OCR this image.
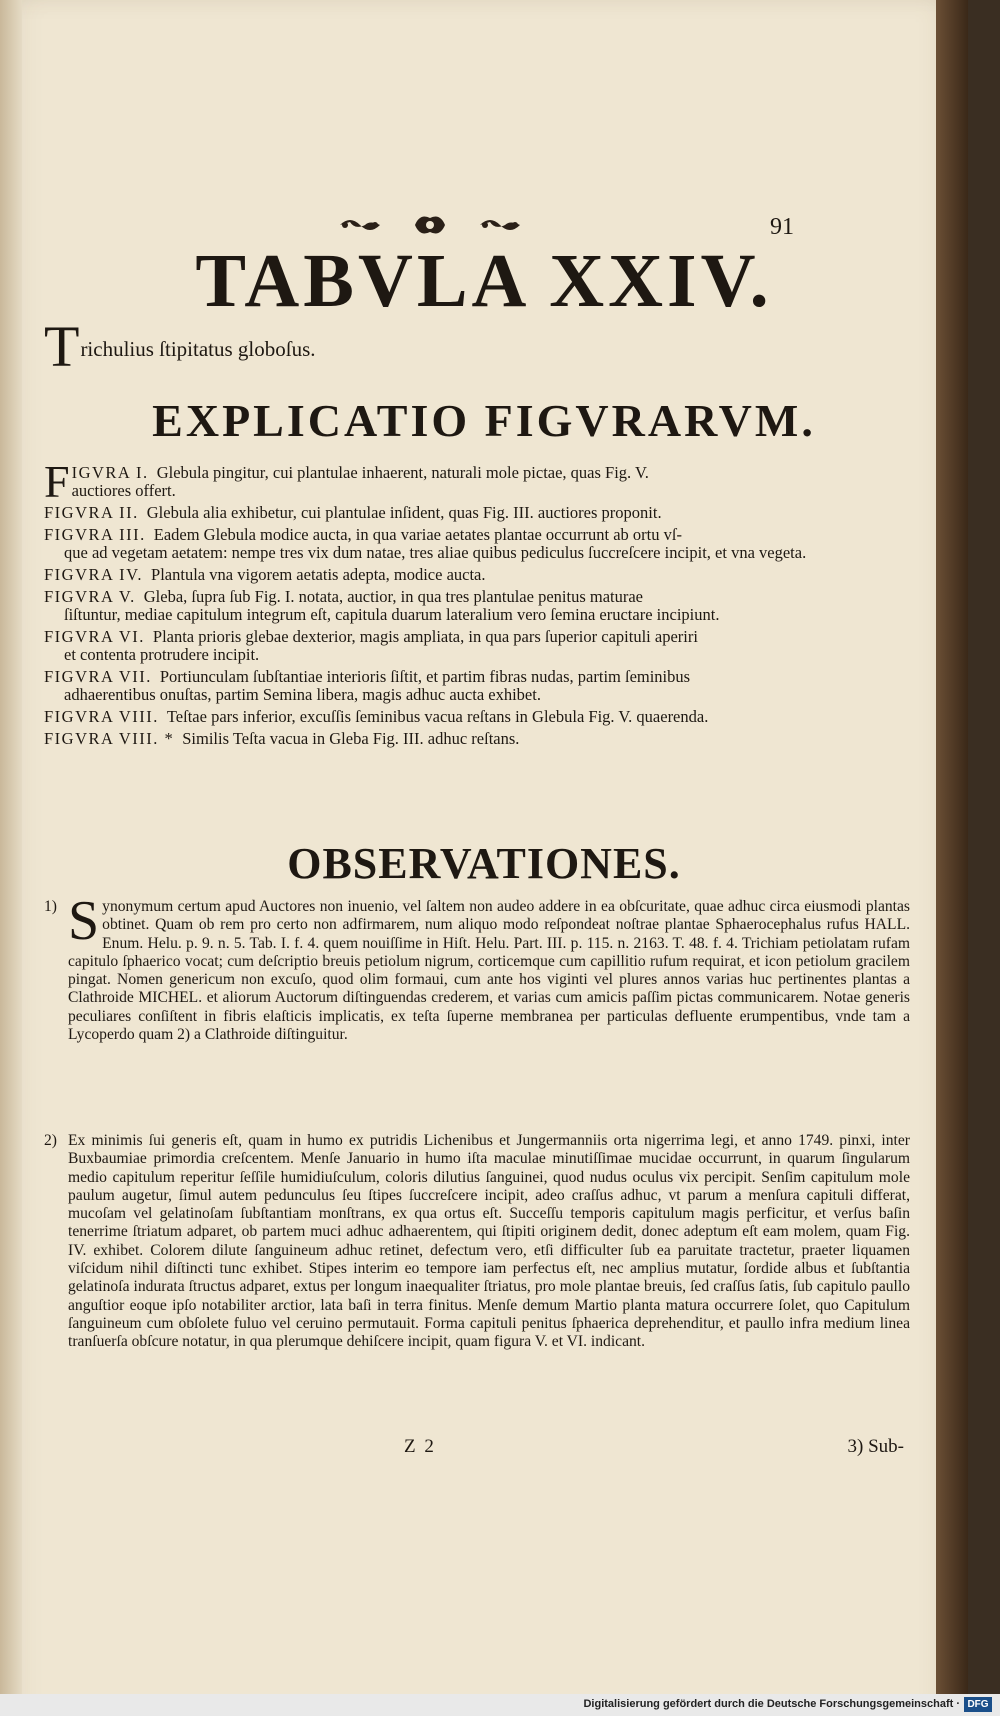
91
TABVLA XXIV.
Trichulius ſtipitatus globoſus.
EXPLICATIO FIGVRARVM.
F IGVRA I. Glebula pingitur, cui plantulae inhaerent, naturali mole pictae, quas Fig. V.
auctiores offert.
FIGVRA II. Glebula alia exhibetur, cui plantulae inſident, quas Fig. III. auctiores proponit.
FIGVRA III. Eadem Glebula modice aucta, in qua variae aetates plantae occurrunt ab ortu vſ-
que ad vegetam aetatem: nempe tres vix dum natae, tres aliae quibus pediculus ſuccreſcere incipit, et vna vegeta.
FIGVRA IV. Plantula vna vigorem aetatis adepta, modice aucta.
FIGVRA V. Gleba, ſupra ſub Fig. I. notata, auctior, in qua tres plantulae penitus maturae
ſiſtuntur, mediae capitulum integrum eſt, capitula duarum lateralium vero ſemina eructare incipiunt.
FIGVRA VI. Planta prioris glebae dexterior, magis ampliata, in qua pars ſuperior capituli aperiri
et contenta protrudere incipit.
FIGVRA VII. Portiunculam ſubſtantiae interioris ſiſtit, et partim fibras nudas, partim ſeminibus
adhaerentibus onuſtas, partim Semina libera, magis adhuc aucta exhibet.
FIGVRA VIII. Teſtae pars inferior, excuſſis ſeminibus vacua reſtans in Glebula Fig. V. quaerenda.
FIGVRA VIII. * Similis Teſta vacua in Gleba Fig. III. adhuc reſtans.
OBSERVATIONES.
1) Synonymum certum apud Auctores non inuenio, vel ſaltem non audeo addere in ea obſcuritate, quae adhuc circa eiusmodi plantas obtinet. Quam ob rem pro certo non adfirmarem, num aliquo modo reſpondeat noſtrae plantae Sphaerocephalus rufus HALL. Enum. Helu. p. 9. n. 5. Tab. I. f. 4. quem nouiſſime in Hiſt. Helu. Part. III. p. 115. n. 2163. T. 48. f. 4. Trichiam petiolatam rufam capitulo ſphaerico vocat; cum deſcriptio breuis petiolum nigrum, corticemque cum capillitio rufum requirat, et icon petiolum gracilem pingat. Nomen genericum non excuſo, quod olim formaui, cum ante hos viginti vel plures annos varias huc pertinentes plantas a Clathroide MICHEL. et aliorum Auctorum diſtinguendas crederem, et varias cum amicis paſſim pictas communicarem. Notae generis peculiares conſiſtent in fibris elaſticis implicatis, ex teſta ſuperne membranea per particulas defluente erumpentibus, vnde tam a Lycoperdo quam 2) a Clathroide diſtinguitur.
2) Ex minimis ſui generis eſt, quam in humo ex putridis Lichenibus et Jungermanniis orta nigerrima legi, et anno 1749. pinxi, inter Buxbaumiae primordia creſcentem. Menſe Januario in humo iſta maculae minutiſſimae mucidae occurrunt, in quarum ſingularum medio capitulum reperitur ſeſſile humidiuſculum, coloris dilutius ſanguinei, quod nudus oculus vix percipit. Senſim capitulum mole paulum augetur, ſimul autem pedunculus ſeu ſtipes ſuccreſcere incipit, adeo craſſus adhuc, vt parum a menſura capituli differat, mucoſam vel gelatinoſam ſubſtantiam monſtrans, ex qua ortus eſt. Succeſſu temporis capitulum magis perficitur, et verſus baſin tenerrime ſtriatum adparet, ob partem muci adhuc adhaerentem, qui ſtipiti originem dedit, donec adeptum eſt eam molem, quam Fig. IV. exhibet. Colorem dilute ſanguineum adhuc retinet, defectum vero, etſi difficulter ſub ea paruitate tractetur, praeter liquamen viſcidum nihil diſtincti tunc exhibet. Stipes interim eo tempore iam perfectus eſt, nec amplius mutatur, ſordide albus et ſubſtantia gelatinoſa indurata ſtructus adparet, extus per longum inaequaliter ſtriatus, pro mole plantae breuis, ſed craſſus ſatis, ſub capitulo paullo anguſtior eoque ipſo notabiliter arctior, lata baſi in terra finitus. Menſe demum Martio planta matura occurrere ſolet, quo Capitulum ſanguineum cum obſolete fuluo vel ceruino permutauit. Forma capituli penitus ſphaerica deprehenditur, et paullo infra medium linea tranſuerſa obſcure notatur, in qua plerumque dehiſcere incipit, quam figura V. et VI. indicant.
Z 2	3) Sub-
Digitalisierung gefördert durch die Deutsche Forschungsgemeinschaft · DFG
